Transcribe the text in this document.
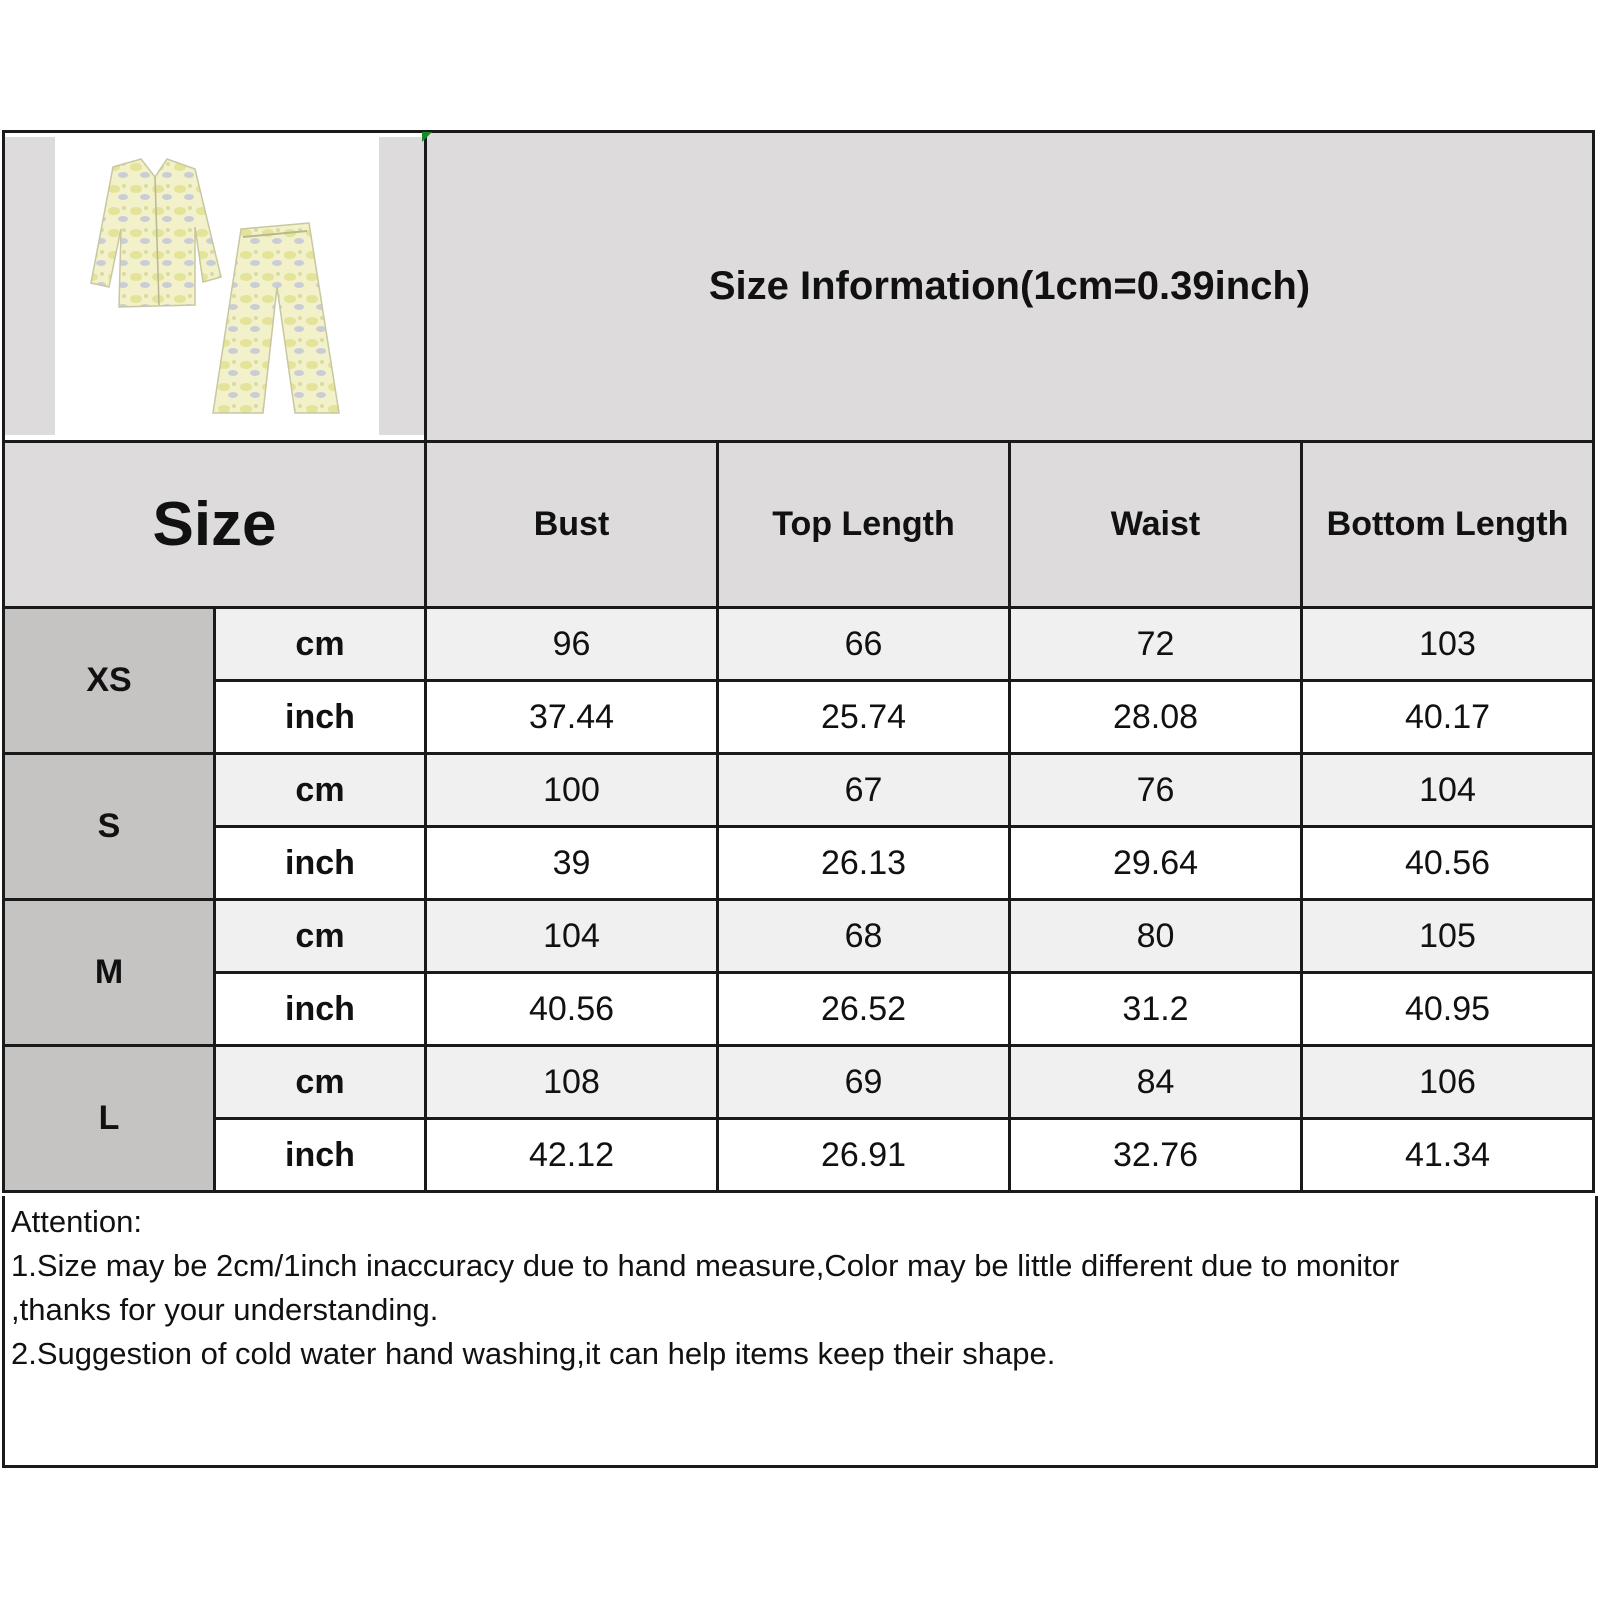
	Size Information(1cm=0.39inch)			
Size		Bust	Top Length	Waist	Bottom Length
XS	cm	96	66	72	103
	inch	37.44	25.74	28.08	40.17
S	cm	100	67	76	104
	inch	39	26.13	29.64	40.56
M	cm	104	68	80	105
	inch	40.56	26.52	31.2	40.95
L	cm	108	69	84	106
	inch	42.12	26.91	32.76	41.34

Attention:

1.Size may be 2cm/1inch inaccuracy due to hand measure,Color may be little different due to monitor

,thanks for your understanding.

2.Suggestion of cold water hand washing,it can help items keep their shape.
